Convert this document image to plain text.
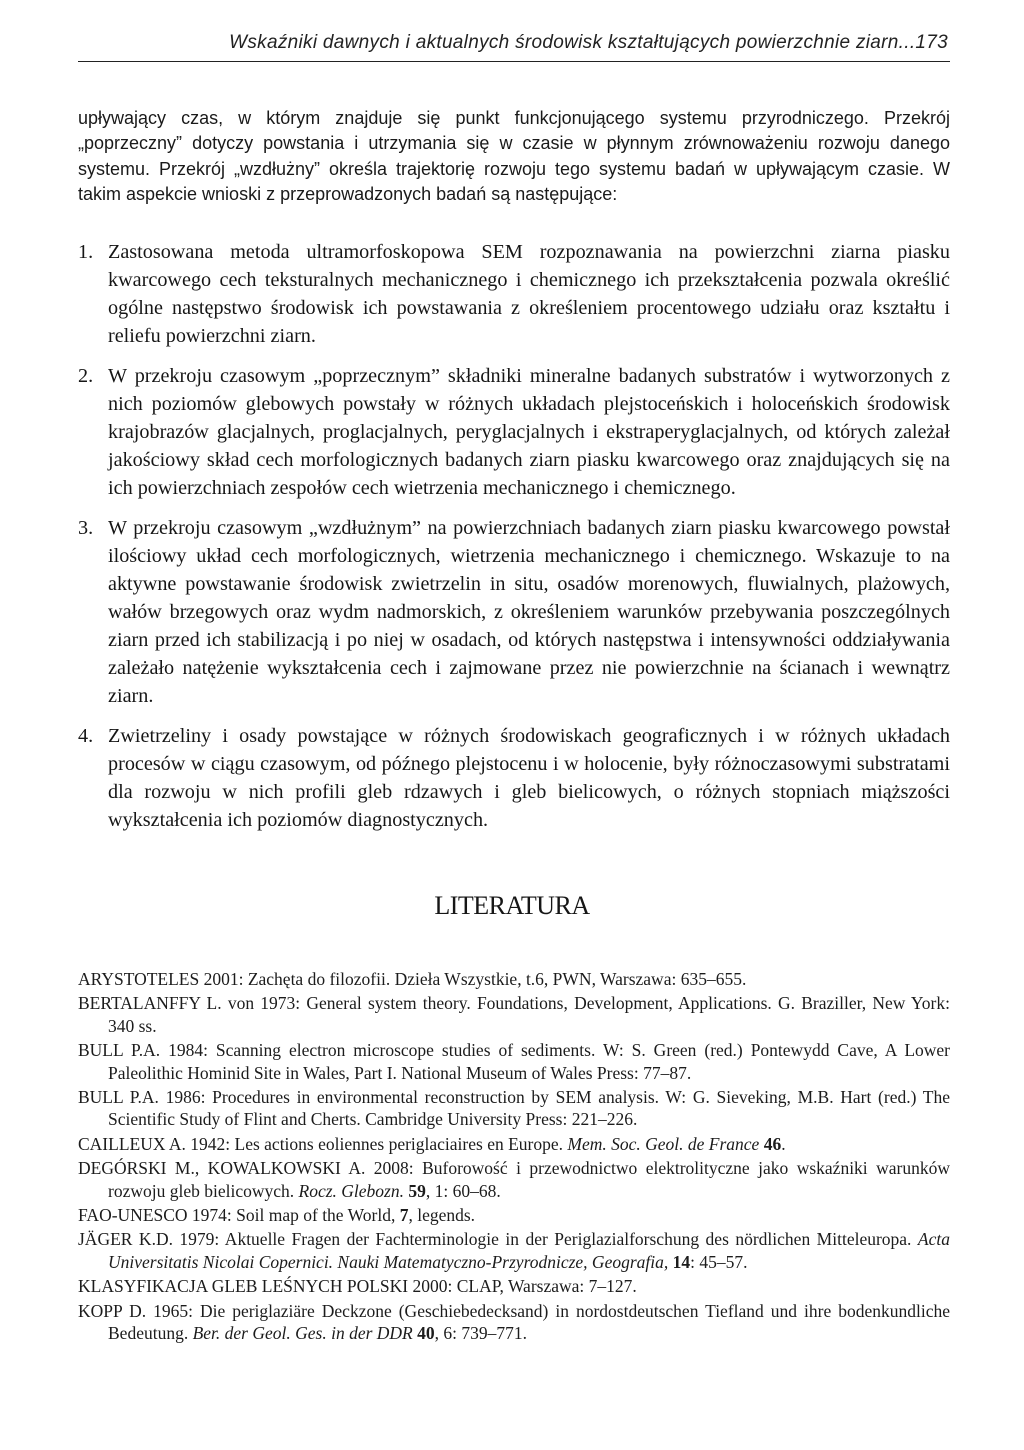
Wskaźniki dawnych i aktualnych środowisk kształtujących powierzchnie ziarn...173

upływający czas, w którym znajduje się punkt funkcjonującego systemu przyrodniczego. Przekrój „poprzeczny” dotyczy powstania i utrzymania się w czasie w płynnym zrównoważeniu rozwoju danego systemu. Przekrój „wzdłużny” określa trajektorię rozwoju tego systemu badań w upływającym czasie. W takim aspekcie wnioski z przeprowadzonych badań są następujące:

1. Zastosowana metoda ultramorfoskopowa SEM rozpoznawania na powierzchni ziarna piasku kwarcowego cech teksturalnych mechanicznego i chemicznego ich przekształcenia pozwala określić ogólne następstwo środowisk ich powstawania z określeniem procentowego udziału oraz kształtu i reliefu powierzchni ziarn.
2. W przekroju czasowym „poprzecznym” składniki mineralne badanych substratów i wytworzonych z nich poziomów glebowych powstały w różnych układach plejstoceńskich i holoceńskich środowisk krajobrazów glacjalnych, proglacjalnych, peryglacjalnych i ekstraperyglacjalnych, od których zależał jakościowy skład cech morfologicznych badanych ziarn piasku kwarcowego oraz znajdujących się na ich powierzchniach zespołów cech wietrzenia mechanicznego i chemicznego.
3. W przekroju czasowym „wzdłużnym” na powierzchniach badanych ziarn piasku kwarcowego powstał ilościowy układ cech morfologicznych, wietrzenia mechanicznego i chemicznego. Wskazuje to na aktywne powstawanie środowisk zwietrzelin in situ, osadów morenowych, fluwialnych, plażowych, wałów brzegowych oraz wydm nadmorskich, z określeniem warunków przebywania poszczególnych ziarn przed ich stabilizacją i po niej w osadach, od których następstwa i intensywności oddziaływania zależało natężenie wykształcenia cech i zajmowane przez nie powierzchnie na ścianach i wewnątrz ziarn.
4. Zwietrzeliny i osady powstające w różnych środowiskach geograficznych i w różnych układach procesów w ciągu czasowym, od późnego plejstocenu i w holocenie, były różnoczasowymi substratami dla rozwoju w nich profili gleb rdzawych i gleb bielicowych, o różnych stopniach miąższości wykształcenia ich poziomów diagnostycznych.
LITERATURA
ARYSTOTELES 2001: Zachęta do filozofii. Dzieła Wszystkie, t.6, PWN, Warszawa: 635–655.
BERTALANFFY L. von 1973: General system theory. Foundations, Development, Applications. G. Braziller, New York: 340 ss.
BULL P.A. 1984: Scanning electron microscope studies of sediments. W: S. Green (red.) Pontewydd Cave, A Lower Paleolithic Hominid Site in Wales, Part I. National Museum of Wales Press: 77–87.
BULL P.A. 1986: Procedures in environmental reconstruction by SEM analysis. W: G. Sieveking, M.B. Hart (red.) The Scientific Study of Flint and Cherts. Cambridge University Press: 221–226.
CAILLEUX A. 1942: Les actions eoliennes periglaciaires en Europe. Mem. Soc. Geol. de France 46.
DEGÓRSKI M., KOWALKOWSKI A. 2008: Buforowość i przewodnictwo elektrolityczne jako wskaźniki warunków rozwoju gleb bielicowych. Rocz. Glebozn. 59, 1: 60–68.
FAO-UNESCO 1974: Soil map of the World, 7, legends.
JÄGER K.D. 1979: Aktuelle Fragen der Fachterminologie in der Periglazialforschung des nördlichen Mitteleuropa. Acta Universitatis Nicolai Copernici. Nauki Matematyczno-Przyrodnicze, Geografia, 14: 45–57.
KLASYFIKACJA GLEB LEŚNYCH POLSKI 2000: CLAP, Warszawa: 7–127.
KOPP D. 1965: Die periglaziäre Deckzone (Geschiebedecksand) in nordostdeutschen Tiefland und ihre bodenkundliche Bedeutung. Ber. der Geol. Ges. in der DDR 40, 6: 739–771.
